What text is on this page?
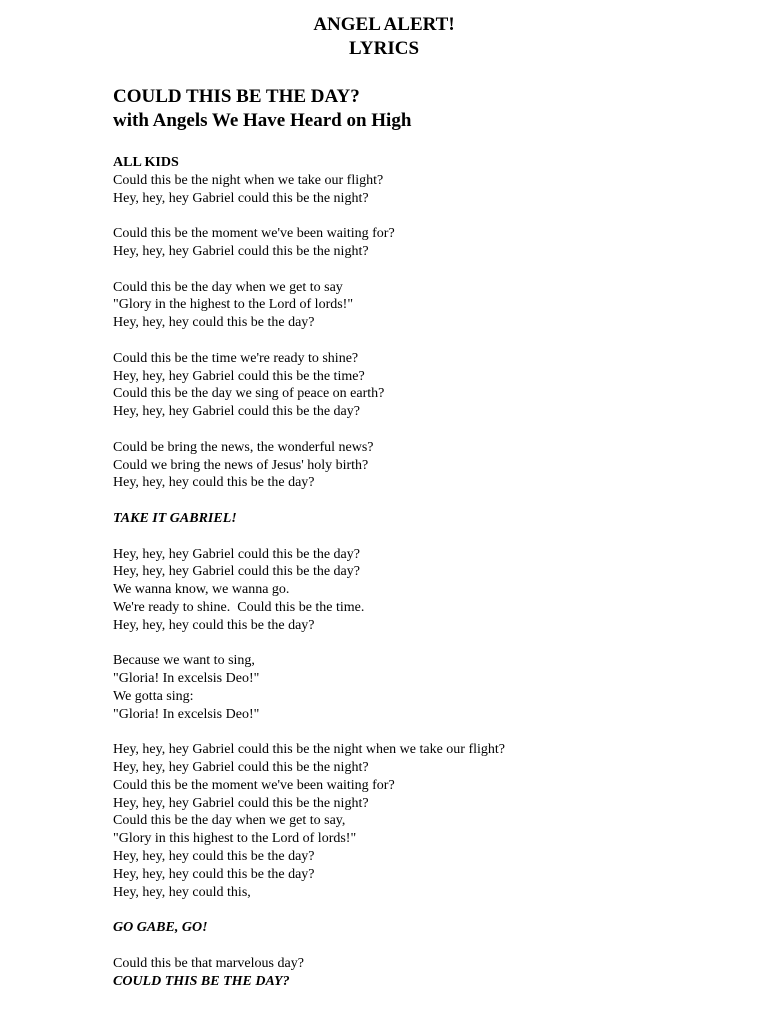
ANGEL ALERT!
LYRICS
COULD THIS BE THE DAY?
with Angels We Have Heard on High
ALL KIDS
Could this be the night when we take our flight?
Hey, hey, hey Gabriel could this be the night?
Could this be the moment we've been waiting for?
Hey, hey, hey Gabriel could this be the night?
Could this be the day when we get to say
"Glory in the highest to the Lord of lords!"
Hey, hey, hey could this be the day?
Could this be the time we're ready to shine?
Hey, hey, hey Gabriel could this be the time?
Could this be the day we sing of peace on earth?
Hey, hey, hey Gabriel could this be the day?
Could be bring the news, the wonderful news?
Could we bring the news of Jesus' holy birth?
Hey, hey, hey could this be the day?
TAKE IT GABRIEL!
Hey, hey, hey Gabriel could this be the day?
Hey, hey, hey Gabriel could this be the day?
We wanna know, we wanna go.
We're ready to shine.  Could this be the time.
Hey, hey, hey could this be the day?
Because we want to sing,
"Gloria! In excelsis Deo!"
We gotta sing:
"Gloria! In excelsis Deo!"
Hey, hey, hey Gabriel could this be the night when we take our flight?
Hey, hey, hey Gabriel could this be the night?
Could this be the moment we've been waiting for?
Hey, hey, hey Gabriel could this be the night?
Could this be the day when we get to say,
"Glory in this highest to the Lord of lords!"
Hey, hey, hey could this be the day?
Hey, hey, hey could this be the day?
Hey, hey, hey could this,
GO GABE, GO!
Could this be that marvelous day?
COULD THIS BE THE DAY?
